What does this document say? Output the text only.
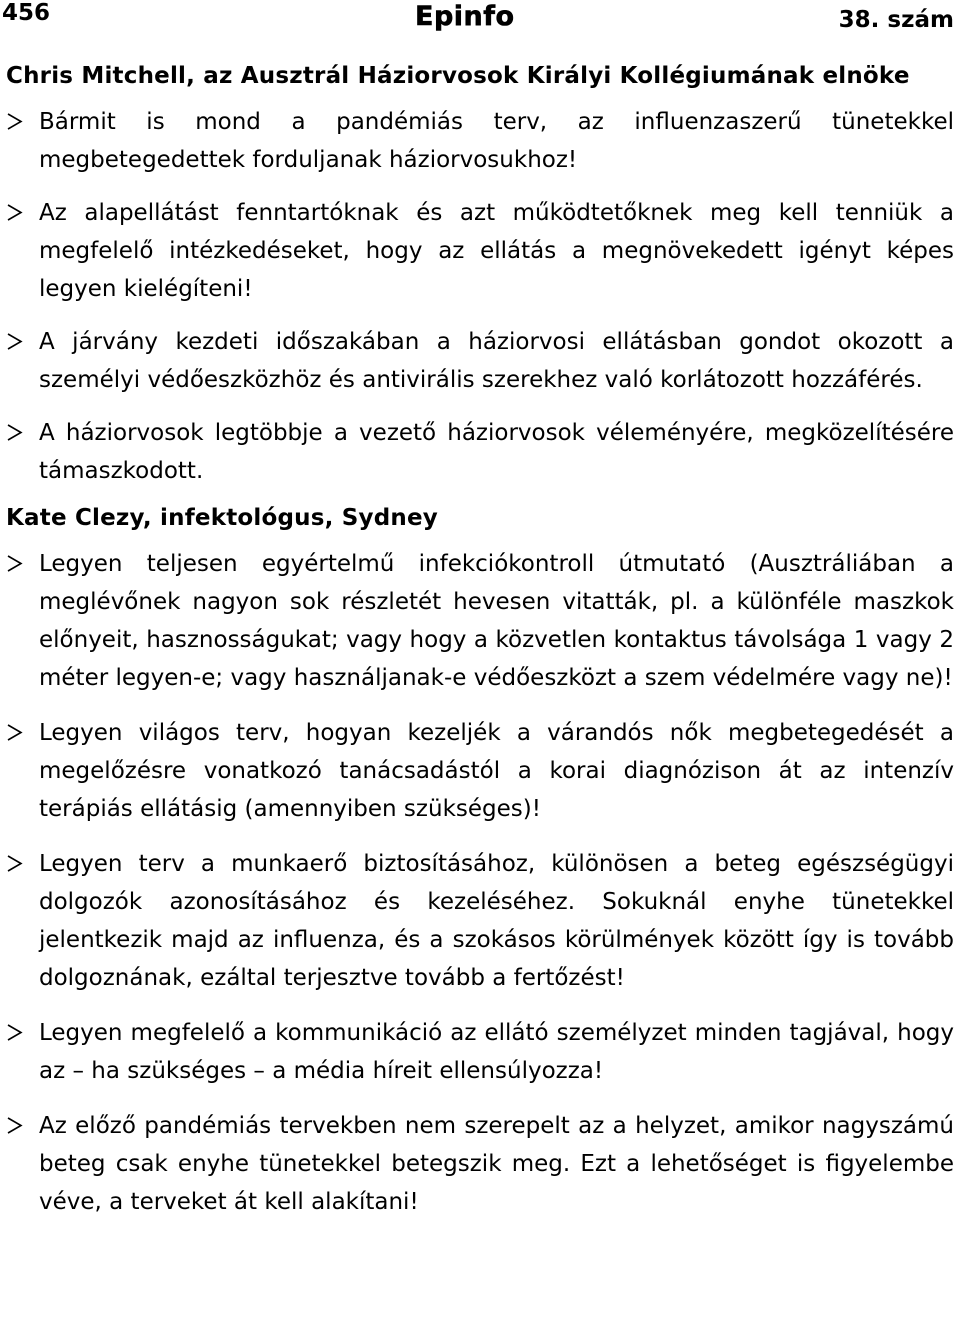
456	Epinfo	38. szám
Chris Mitchell, az Ausztrál Háziorvosok Királyi Kollégiumának elnöke
Bármit is mond a pandémiás terv, az influenzaszerű tünetekkel megbetegedettek forduljanak háziorvosukhoz!
Az alapellátást fenntartóknak és azt működtetőknek meg kell tenniük a megfelelő intézkedéseket, hogy az ellátás a megnövekedett igényt képes legyen kielégíteni!
A járvány kezdeti időszakában a háziorvosi ellátásban gondot okozott a személyi védőeszközhöz és antivirális szerekhez való korlátozott hozzáférés.
A háziorvosok legtöbbje a vezető háziorvosok véleményére, megközelítésére támaszkodott.
Kate Clezy, infektológus, Sydney
Legyen teljesen egyértelmű infekciókontroll útmutató (Ausztráliában a meglévőnek nagyon sok részletét hevesen vitatták, pl. a különféle maszkok előnyeit, hasznosságukat; vagy hogy a közvetlen kontaktus távolsága 1 vagy 2 méter legyen-e; vagy használjanak-e védőeszközt a szem védelmére vagy ne)!
Legyen világos terv, hogyan kezeljék a várandós nők megbetegedését a megelőzésre vonatkozó tanácsadástól a korai diagnózison át az intenzív terápiás ellátásig (amennyiben szükséges)!
Legyen terv a munkaerő biztosításához, különösen a beteg egészségügyi dolgozók azonosításához és kezeléséhez. Sokuknál enyhe tünetekkel jelentkezik majd az influenza, és a szokásos körülmények között így is tovább dolgoznának, ezáltal terjesztve tovább a fertőzést!
Legyen megfelelő a kommunikáció az ellátó személyzet minden tagjával, hogy az – ha szükséges – a média híreit ellensúlyozza!
Az előző pandémiás tervekben nem szerepelt az a helyzet, amikor nagyszámú beteg csak enyhe tünetekkel betegszik meg. Ezt a lehetőséget is figyelembe véve, a terveket át kell alakítani!
